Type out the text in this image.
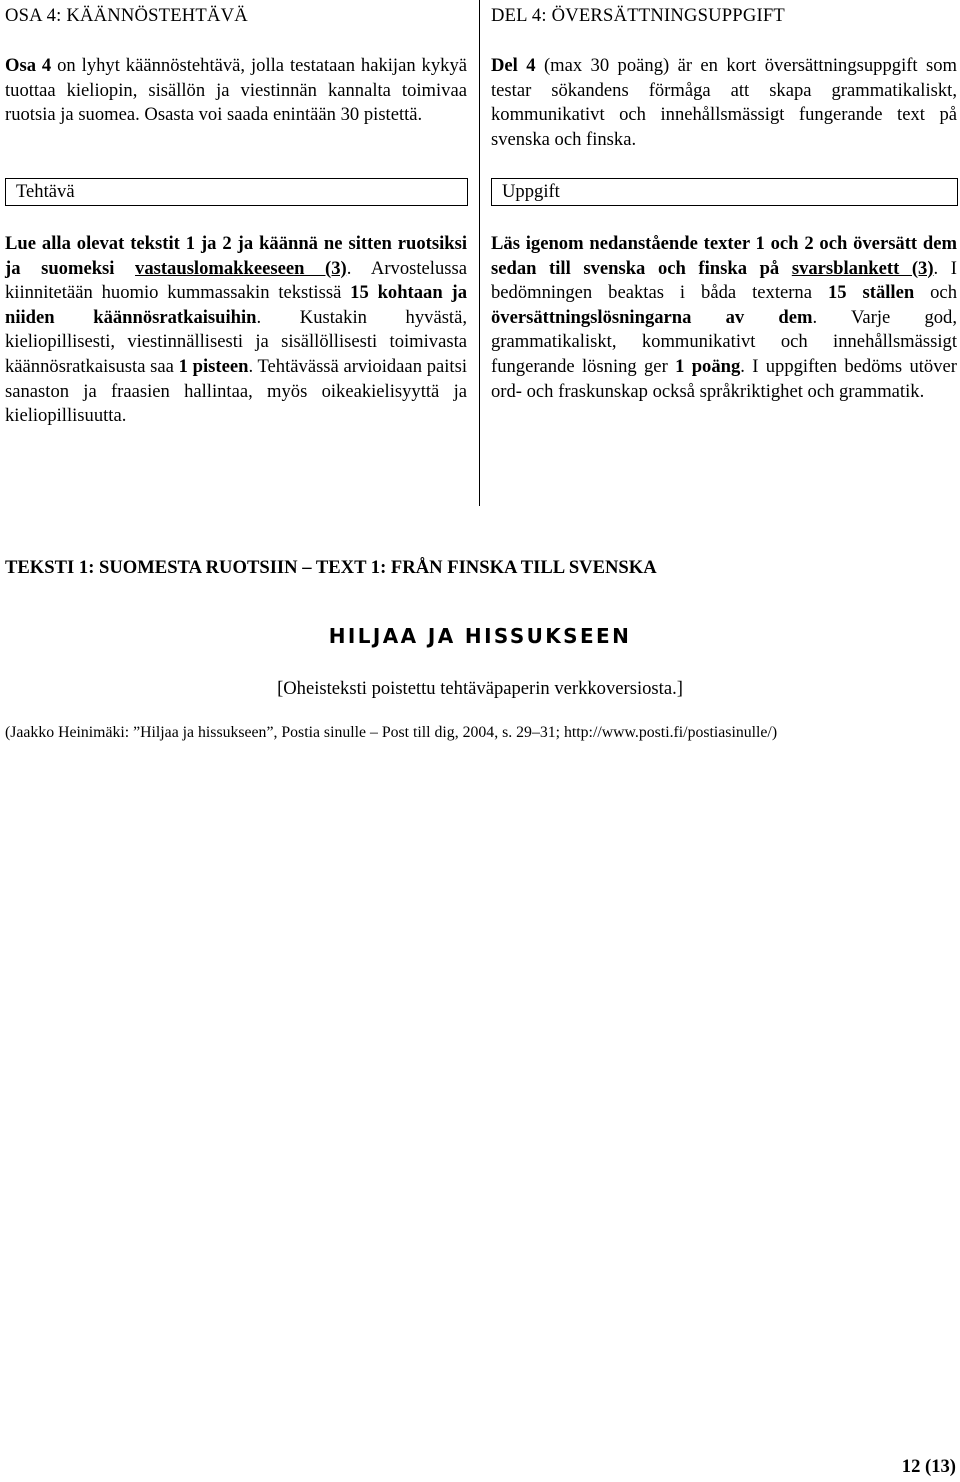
OSA 4: KÄÄNNÖSTEHTÄVÄ
Osa 4 on lyhyt käännöstehtävä, jolla testataan hakijan kykyä tuottaa kieliopin, sisällön ja viestinnän kannalta toimivaa ruotsia ja suomea. Osasta voi saada enintään 30 pistettä.
Tehtävä
Lue alla olevat tekstit 1 ja 2 ja käännä ne sitten ruotsiksi ja suomeksi vastauslomakkeeseen (3). Arvostelussa kiinnitetään huomio kummassakin tekstissä 15 kohtaan ja niiden käännösratkaisuihin. Kustakin hyvästä, kieliopillisesti, viestinnällisesti ja sisällöllisesti toimivasta käännösratkaisusta saa 1 pisteen. Tehtävässä arvioidaan paitsi sanaston ja fraasien hallintaa, myös oikeakielisyyttä ja kieliopillisuutta.
DEL 4: ÖVERSÄTTNINGSUPPGIFT
Del 4 (max 30 poäng) är en kort översättningsuppgift som testar sökandens förmåga att skapa grammatikaliskt, kommunikativt och innehållsmässigt fungerande text på svenska och finska.
Uppgift
Läs igenom nedanstående texter 1 och 2 och översätt dem sedan till svenska och finska på svarsblankett (3). I bedömningen beaktas i båda texterna 15 ställen och översättningslösningarna av dem. Varje god, grammatikaliskt, kommunikativt och innehållsmässigt fungerande lösning ger 1 poäng. I uppgiften bedöms utöver ord- och fraskunskap också språkriktighet och grammatik.
TEKSTI 1: SUOMESTA RUOTSIIN – TEXT 1: FRÅN FINSKA TILL SVENSKA
HILJAA JA HISSUKSEEN
[Oheisteksti poistettu tehtäväpaperin verkkoversiosta.]
(Jaakko Heinimäki: ”Hiljaa ja hissukseen”, Postia sinulle – Post till dig, 2004, s. 29–31; http://www.posti.fi/postiasinulle/)
12 (13)
